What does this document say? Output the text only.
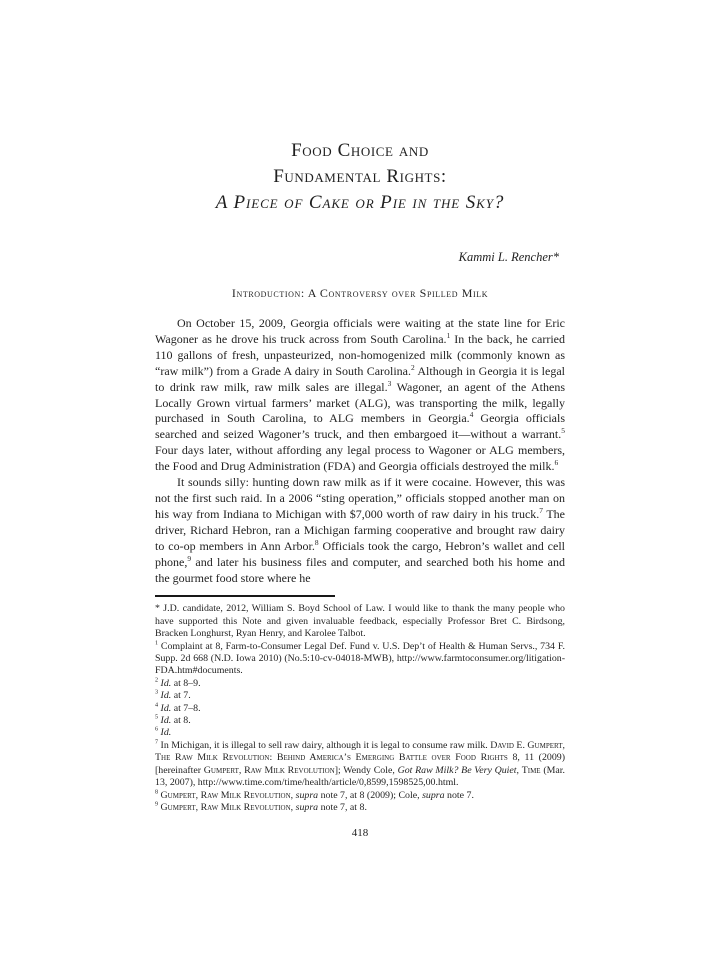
Food Choice and
Fundamental Rights:
A Piece of Cake or Pie in the Sky?
Kammi L. Rencher*
Introduction: A Controversy over Spilled Milk

On October 15, 2009, Georgia officials were waiting at the state line for Eric Wagoner as he drove his truck across from South Carolina.$^1$ In the back, he carried 110 gallons of fresh, unpasteurized, non-homogenized milk (commonly known as “raw milk”) from a Grade A dairy in South Carolina.$^2$ Although in Georgia it is legal to drink raw milk, raw milk sales are illegal.$^3$ Wagoner, an agent of the Athens Locally Grown virtual farmers’ market (ALG), was transporting the milk, legally purchased in South Carolina, to ALG members in Georgia.$^4$ Georgia officials searched and seized Wagoner’s truck, and then embargoed it—without a warrant.$^5$ Four days later, without affording any legal process to Wagoner or ALG members, the Food and Drug Administration (FDA) and Georgia officials destroyed the milk.$^6$

It sounds silly: hunting down raw milk as if it were cocaine. However, this was not the first such raid. In a 2006 “sting operation,” officials stopped another man on his way from Indiana to Michigan with $7,000 worth of raw dairy in his truck.$^7$ The driver, Richard Hebron, ran a Michigan farming cooperative and brought raw dairy to co-op members in Ann Arbor.$^8$ Officials took the cargo, Hebron’s wallet and cell phone,$^9$ and later his business files and computer, and searched both his home and the gourmet food store where he

* J.D. candidate, 2012, William S. Boyd School of Law. I would like to thank the many people who have supported this Note and given invaluable feedback, especially Professor Bret C. Birdsong, Bracken Longhurst, Ryan Henry, and Karolee Talbot.

$^1$ Complaint at 8, Farm-to-Consumer Legal Def. Fund v. U.S. Dep’t of Health & Human Servs., 734 F. Supp. 2d 668 (N.D. Iowa 2010) (No.5:10-cv-04018-MWB), http://www.farmtoconsumer.org/litigation-FDA.htm#documents.

$^2$ Id. at 8–9.

$^3$ Id. at 7.

$^4$ Id. at 7–8.

$^5$ Id. at 8.

$^6$ Id.

$^7$ In Michigan, it is illegal to sell raw dairy, although it is legal to consume raw milk. David E. Gumpert, The Raw Milk Revolution: Behind America’s Emerging Battle over Food Rights 8, 11 (2009) [hereinafter Gumpert, Raw Milk Revolution]; Wendy Cole, Got Raw Milk? Be Very Quiet, Time (Mar. 13, 2007), http://www.time.com/time/health/article/0,8599,1598525,00.html.

$^8$ Gumpert, Raw Milk Revolution, supra note 7, at 8 (2009); Cole, supra note 7.

$^9$ Gumpert, Raw Milk Revolution, supra note 7, at 8.

418
